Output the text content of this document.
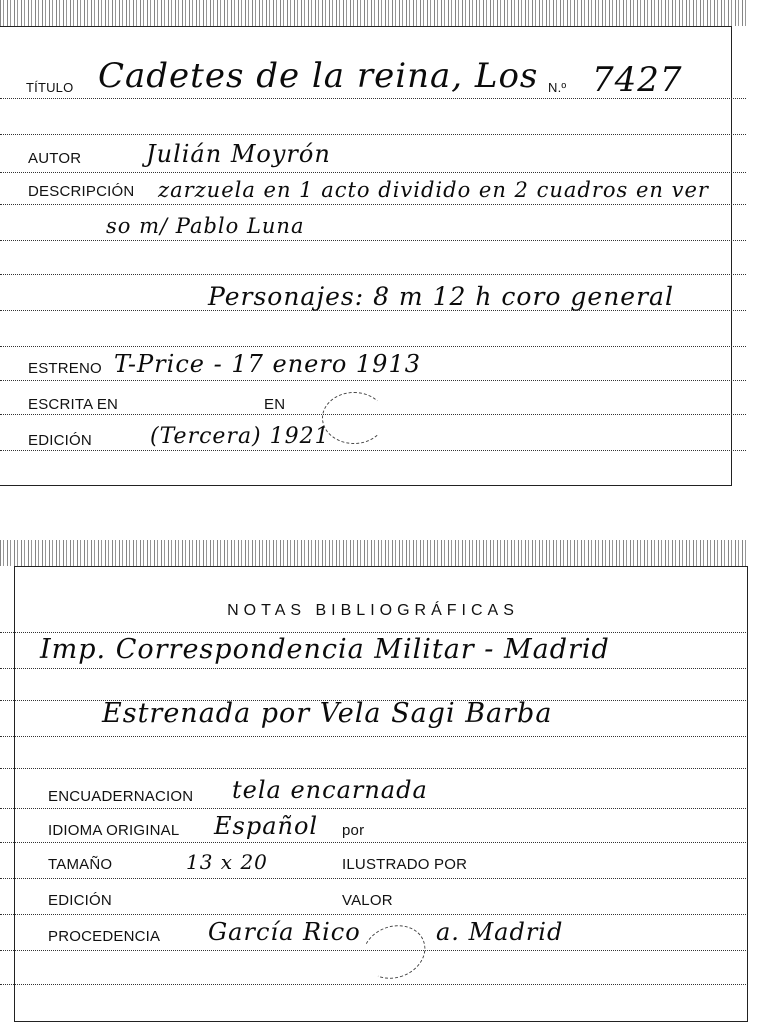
TÍTULO Cadetes de la reina, Los N.º 7427
AUTOR	Julián Moyrón
DESCRIPCIÓN zarzuela en 1 acto dividido en 2 cuadros en ver
so m/ Pablo Luna
Personajes: 8 m 12 h coro general
ESTRENO T-Price - 17 enero 1913
ESCRITA EN	EN
EDICIÓN	(Tercera) 1921
NOTAS BIBLIOGRÁFICAS
Imp. Correspondencia Militar - Madrid
Estrenada por Vela Sagi Barba
ENCUADERNACION tela encarnada
IDIOMA ORIGINAL Español por
TAMAÑO	13 x 20	ILUSTRADO POR
EDICIÓN	VALOR
PROCEDENCIA García Rico	a. Madrid
